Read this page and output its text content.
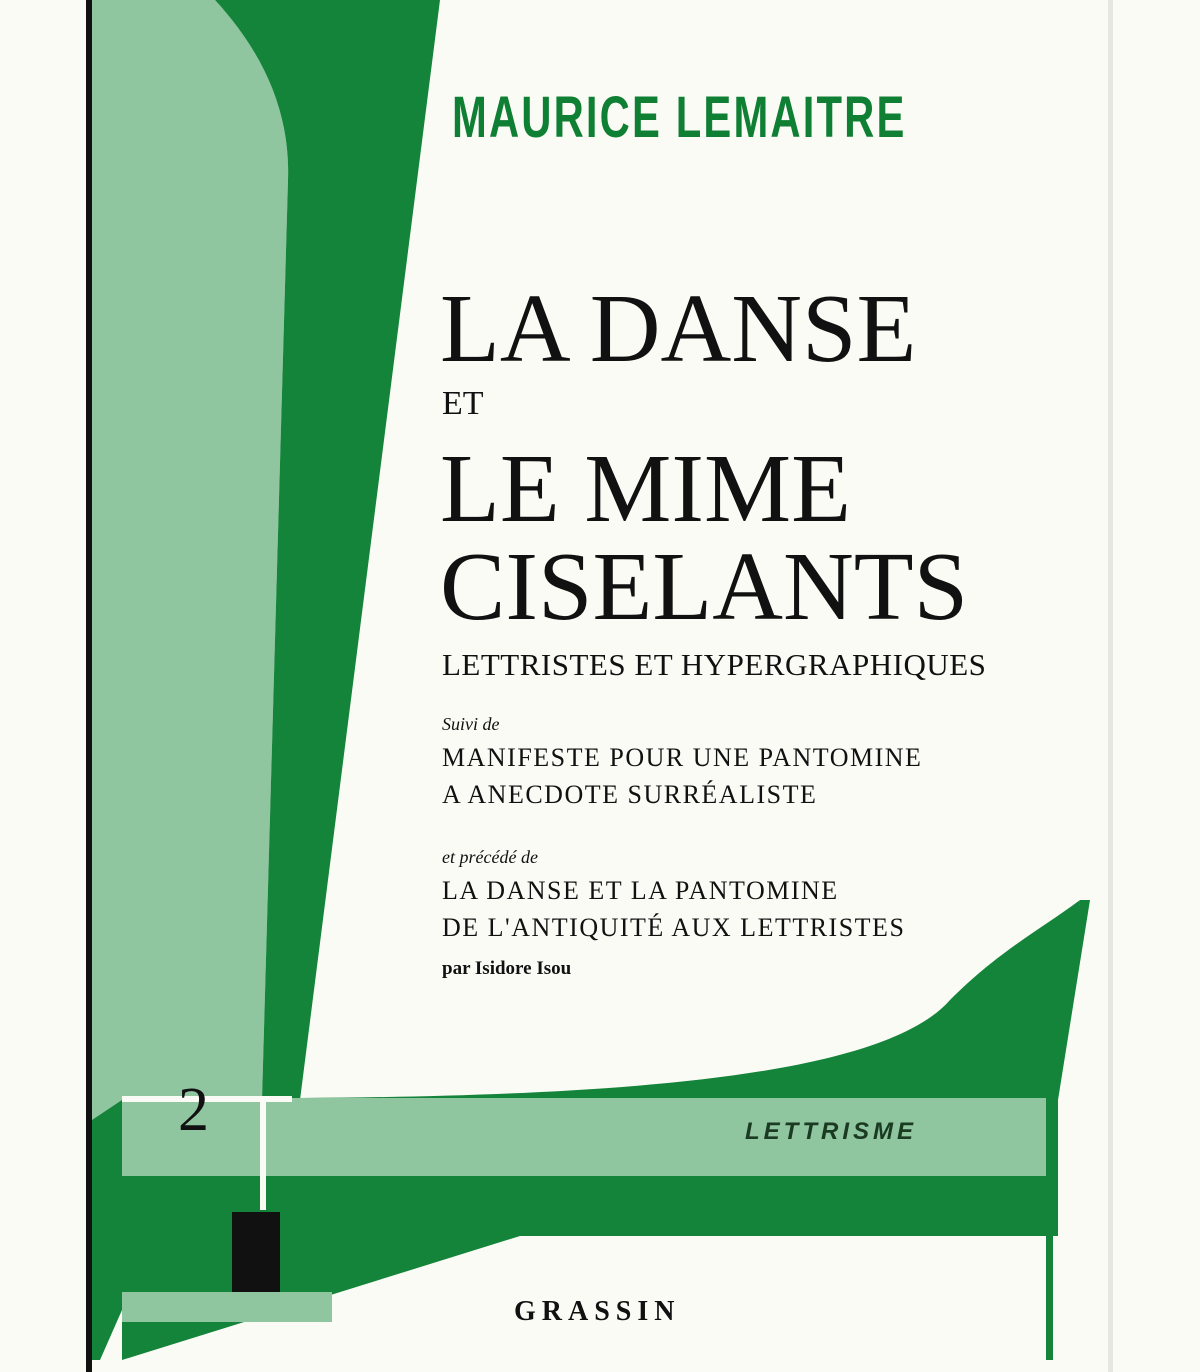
MAURICE LEMAITRE
LA DANSE
ET
LE MIME
CISELANTS
LETTRISTES ET HYPERGRAPHIQUES
Suivi de
MANIFESTE POUR UNE PANTOMINE
A ANECDOTE SURRÉALISTE
et précédé de
LA DANSE ET LA PANTOMINE
DE L'ANTIQUITÉ AUX LETTRISTES
par Isidore Isou
2	LETTRISME
GRASSIN
